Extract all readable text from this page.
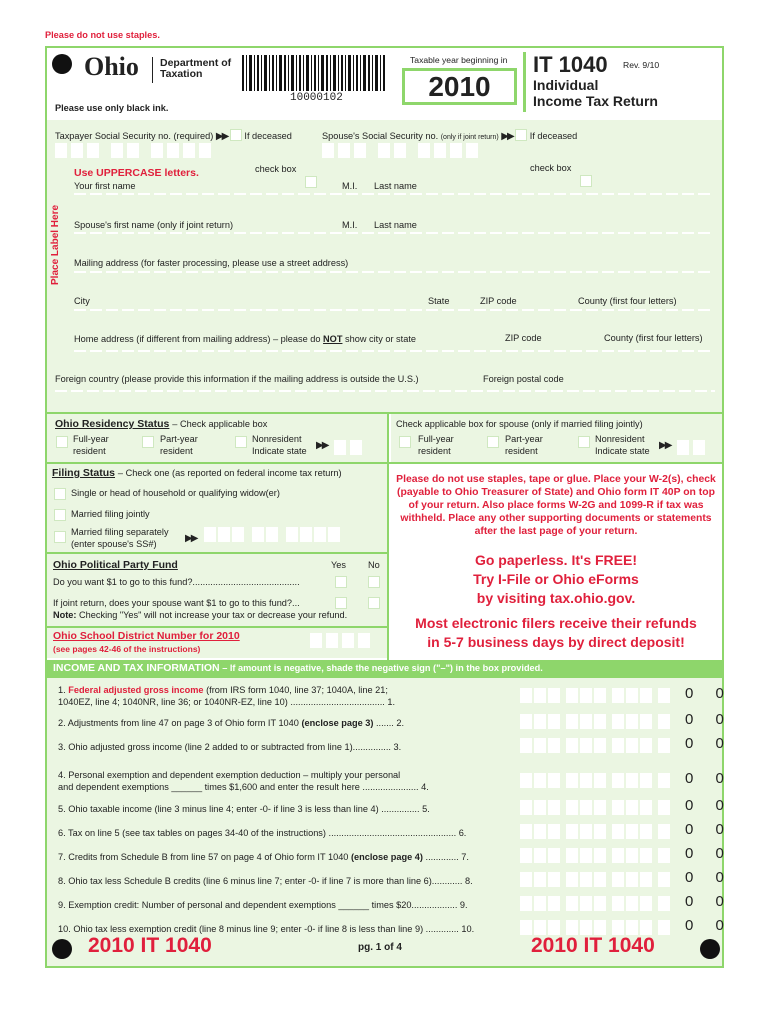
Please do not use staples.
Ohio Department of
Taxation
10000102
Taxable year beginning in
2010
IT 1040 Rev. 9/10
Individual
Income Tax Return
Please use only black ink.
Taxpayer Social Security no. (required) ▶▶ If deceased	Spouse's Social Security no. (only if joint return) ▶▶ If deceased
Place Label Here
Use UPPERCASE letters.	check box	check box
Your first name	M.I. Last name
Spouse's first name (only if joint return)	M.I. Last name
Mailing address (for faster processing, please use a street address)
City	State	ZIP code	County (first four letters)
Home address (if different from mailing address) – please do NOT show city or state	ZIP code	County (first four letters)
Foreign country (please provide this information if the mailing address is outside the U.S.)	Foreign postal code
Ohio Residency Status – Check applicable box
Full-year
resident
Part-year
resident
Nonresident
Indicate state ▶▶
Check applicable box for spouse (only if married filing jointly)
Full-year
resident
Part-year
resident
Nonresident
Indicate state ▶▶
Filing Status – Check one (as reported on federal income tax return)
Single or head of household or qualifying widow(er)
Married filing jointly
Married filing separately
(enter spouse's SS#)	▶▶
Please do not use staples, tape or glue. Place your W-2(s), check (payable to Ohio Treasurer of State) and Ohio form IT 40P on top of your return. Also place forms W-2G and 1099-R if tax was withheld. Place any other supporting documents or statements after the last page of your return.
Ohio Political Party Fund	Yes No
Do you want $1 to go to this fund?..........................................
If joint return, does your spouse want $1 to go to this fund?...
Note: Checking "Yes" will not increase your tax or decrease your refund.
Go paperless. It's FREE!
Try I-File or Ohio eForms
by visiting tax.ohio.gov.
Most electronic filers receive their refunds
in 5-7 business days by direct deposit!
Ohio School District Number for 2010
(see pages 42-46 of the instructions)
INCOME AND TAX INFORMATION – If amount is negative, shade the negative sign ("–") in the box provided.
1. Federal adjusted gross income (from IRS form 1040, line 37; 1040A, line 21;
1040EZ, line 4; 1040NR, line 36; or 1040NR-EZ, line 10) ..................................... 1.	0 0
2. Adjustments from line 47 on page 3 of Ohio form IT 1040 (enclose page 3) ....... 2.	0 0
3. Ohio adjusted gross income (line 2 added to or subtracted from line 1)............... 3.	0 0
4. Personal exemption and dependent exemption deduction – multiply your personal
and dependent exemptions ______ times $1,600 and enter the result here ...................... 4.	0 0
5. Ohio taxable income (line 3 minus line 4; enter -0- if line 3 is less than line 4) ............... 5.	0 0
6. Tax on line 5 (see tax tables on pages 34-40 of the instructions) .................................................. 6.	0 0
7. Credits from Schedule B from line 57 on page 4 of Ohio form IT 1040 (enclose page 4) ............. 7.	0 0
8. Ohio tax less Schedule B credits (line 6 minus line 7; enter -0- if line 7 is more than line 6)............ 8.	0 0
9. Exemption credit: Number of personal and dependent exemptions ______ times $20.................. 9.	0 0
10. Ohio tax less exemption credit (line 8 minus line 9; enter -0- if line 8 is less than line 9) ............. 10.	0 0
2010 IT 1040	pg. 1 of 4	2010 IT 1040
